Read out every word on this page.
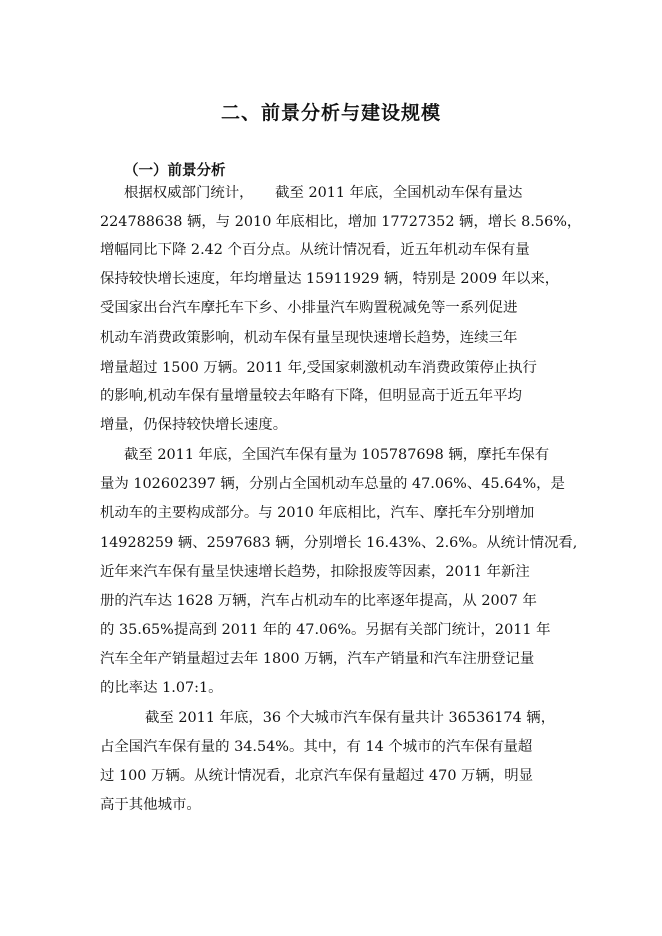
二、前景分析与建设规模
（一）前景分析
根据权威部门统计，　　截至 2011 年底，全国机动车保有量达
224788638 辆，与 2010 年底相比，增加 17727352 辆，增长 8.56%，
增幅同比下降 2.42 个百分点。从统计情况看，近五年机动车保有量
保持较快增长速度，年均增量达 15911929 辆，特别是 2009 年以来，
受国家出台汽车摩托车下乡、小排量汽车购置税减免等一系列促进
机动车消费政策影响，机动车保有量呈现快速增长趋势，连续三年
增量超过 1500 万辆。2011 年,受国家刺激机动车消费政策停止执行
的影响,机动车保有量增量较去年略有下降，但明显高于近五年平均
增量，仍保持较快增长速度。
截至 2011 年底，全国汽车保有量为 105787698 辆，摩托车保有
量为 102602397 辆，分别占全国机动车总量的 47.06%、45.64%，是
机动车的主要构成部分。与 2010 年底相比，汽车、摩托车分别增加
14928259 辆、2597683 辆，分别增长 16.43%、2.6%。从统计情况看,
近年来汽车保有量呈快速增长趋势，扣除报废等因素，2011 年新注
册的汽车达 1628 万辆，汽车占机动车的比率逐年提高，从 2007 年
的 35.65%提高到 2011 年的 47.06%。另据有关部门统计，2011 年
汽车全年产销量超过去年 1800 万辆，汽车产销量和汽车注册登记量
的比率达 1.07:1。
截至 2011 年底，36 个大城市汽车保有量共计 36536174 辆，
占全国汽车保有量的 34.54%。其中，有 14 个城市的汽车保有量超
过 100 万辆。从统计情况看，北京汽车保有量超过 470 万辆，明显
高于其他城市。
